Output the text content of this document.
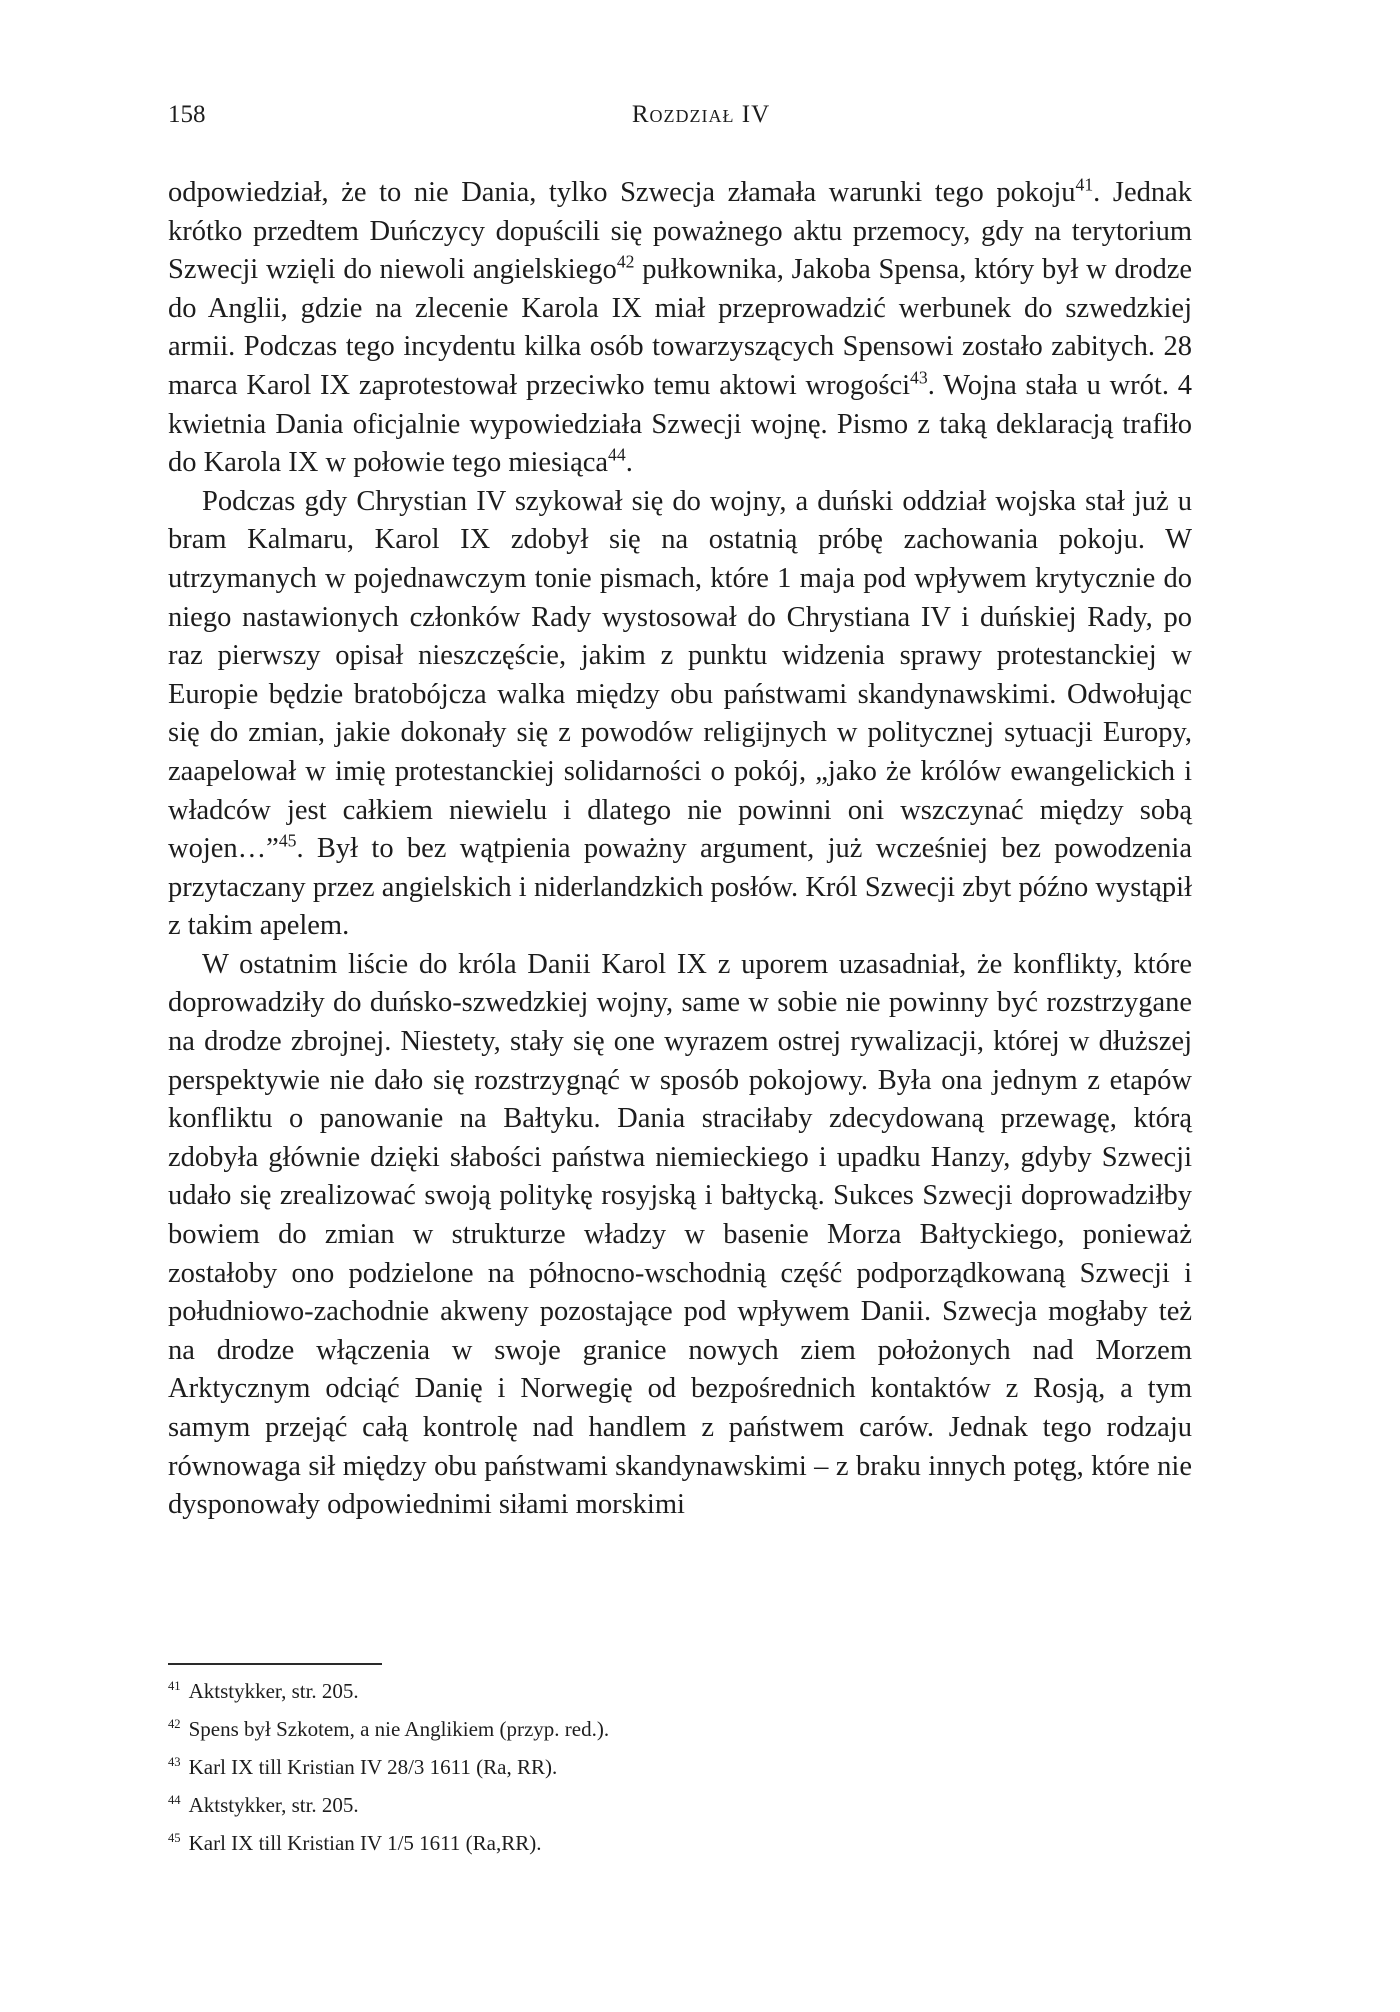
158	Rozdział IV

odpowiedział, że to nie Dania, tylko Szwecja złamała warunki tego pokoju$^{41}$. Jednak krótko przedtem Duńczycy dopuścili się poważnego aktu przemocy, gdy na terytorium Szwecji wzięli do niewoli angielskiego$^{42}$ pułkownika, Jakoba Spensa, który był w drodze do Anglii, gdzie na zlecenie Karola IX miał przeprowadzić werbunek do szwedzkiej armii. Podczas tego incydentu kilka osób towarzyszących Spensowi zostało zabitych. 28 marca Karol IX zaprotestował przeciwko temu aktowi wrogości$^{43}$. Wojna stała u wrót. 4 kwietnia Dania oficjalnie wypowiedziała Szwecji wojnę. Pismo z taką deklaracją trafiło do Karola IX w połowie tego miesiąca$^{44}$.

Podczas gdy Chrystian IV szykował się do wojny, a duński oddział wojska stał już u bram Kalmaru, Karol IX zdobył się na ostatnią próbę zachowania pokoju. W utrzymanych w pojednawczym tonie pismach, które 1 maja pod wpływem krytycznie do niego nastawionych członków Rady wystosował do Chrystiana IV i duńskiej Rady, po raz pierwszy opisał nieszczęście, jakim z punktu widzenia sprawy protestanckiej w Europie będzie bratobójcza walka między obu państwami skandynawskimi. Odwołując się do zmian, jakie dokonały się z powodów religijnych w politycznej sytuacji Europy, zaapelował w imię protestanckiej solidarności o pokój, „jako że królów ewangelickich i władców jest całkiem niewielu i dlatego nie powinni oni wszczynać między sobą wojen…”$^{45}$. Był to bez wątpienia poważny argument, już wcześniej bez powodzenia przytaczany przez angielskich i niderlandzkich posłów. Król Szwecji zbyt późno wystąpił z takim apelem.

W ostatnim liście do króla Danii Karol IX z uporem uzasadniał, że konflikty, które doprowadziły do duńsko-szwedzkiej wojny, same w sobie nie powinny być rozstrzygane na drodze zbrojnej. Niestety, stały się one wyrazem ostrej rywalizacji, której w dłuższej perspektywie nie dało się rozstrzygnąć w sposób pokojowy. Była ona jednym z etapów konfliktu o panowanie na Bałtyku. Dania straciłaby zdecydowaną przewagę, którą zdobyła głównie dzięki słabości państwa niemieckiego i upadku Hanzy, gdyby Szwecji udało się zrealizować swoją politykę rosyjską i bałtycką. Sukces Szwecji doprowadziłby bowiem do zmian w strukturze władzy w basenie Morza Bałtyckiego, ponieważ zostałoby ono podzielone na północno-wschodnią część podporządkowaną Szwecji i południowo-zachodnie akweny pozostające pod wpływem Danii. Szwecja mogłaby też na drodze włączenia w swoje granice nowych ziem położonych nad Morzem Arktycznym odciąć Danię i Norwegię od bezpośrednich kontaktów z Rosją, a tym samym przejąć całą kontrolę nad handlem z państwem carów. Jednak tego rodzaju równowaga sił między obu państwami skandynawskimi – z braku innych potęg, które nie dysponowały odpowiednimi siłami morskimi

$^{41}$ Aktstykker, str. 205.
$^{42}$ Spens był Szkotem, a nie Anglikiem (przyp. red.).
$^{43}$ Karl IX till Kristian IV 28/3 1611 (Ra, RR).
$^{44}$ Aktstykker, str. 205.
$^{45}$ Karl IX till Kristian IV 1/5 1611 (Ra,RR).
